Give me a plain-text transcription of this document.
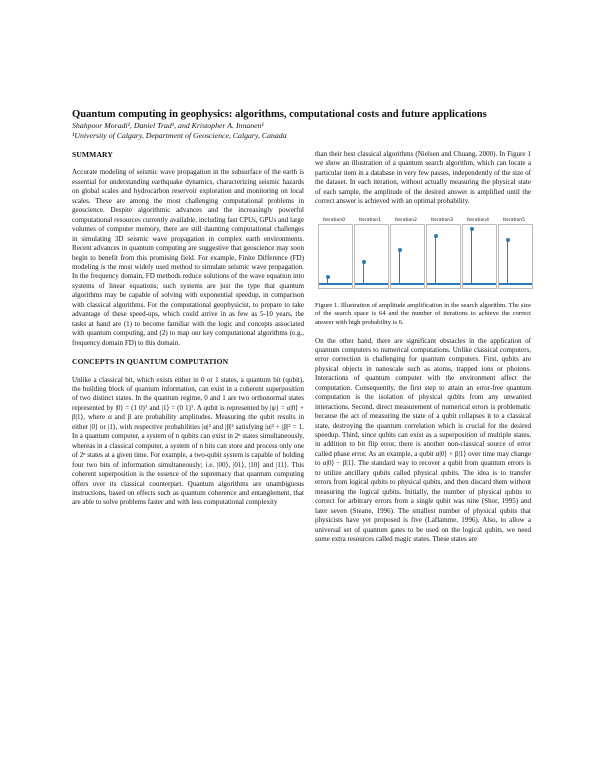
Quantum computing in geophysics: algorithms, computational costs and future applications
Shahpoor Moradi¹, Daniel Trad¹, and Kristopher A. Innanen¹
¹University of Calgary, Department of Geoscience, Calgary, Canada
SUMMARY

Accurate modeling of seismic wave propagation in the subsurface of the earth is essential for understanding earthquake dynamics, characterizing seismic hazards on global scales and hydrocarbon reservoir exploration and monitoring on local scales. These are among the most challenging computational problems in geoscience. Despite algorithmic advances and the increasingly powerful computational resources currently available, including fast CPUs, GPUs and large volumes of computer memory, there are still daunting computational challenges in simulating 3D seismic wave propagation in complex earth environments. Recent advances in quantum computing are suggestive that geoscience may soon begin to benefit from this promising field. For example, Finite Difference (FD) modeling is the most widely used method to simulate seismic wave propagation. In the frequency domain, FD methods reduce solutions of the wave equation into systems of linear equations; such systems are just the type that quantum algorithms may be capable of solving with exponential speedup, in comparison with classical algorithms. For the computational geophysicist, to prepare to take advantage of these speed-ups, which could arrive in as few as 5-10 years, the tasks at hand are (1) to become familiar with the logic and concepts associated with quantum computing, and (2) to map our key computational algorithms (e.g., frequency domain FD) to this domain.

CONCEPTS IN QUANTUM COMPUTATION

Unlike a classical bit, which exists either in 0 or 1 states, a quantum bit (qubit), the building block of quantum information, can exist in a coherent superposition of two distinct states. In the quantum regime, 0 and 1 are two orthonormal states represented by |0⟩ = (1 0)ᵀ and |1⟩ = (0 1)ᵀ. A qubit is represented by |ψ⟩ = α|0⟩ + β|1⟩, where α and β are probability amplitudes. Measuring the qubit results in either |0⟩ or |1⟩, with respective probabilities |α|² and |β|² satisfying |α|² + |β|² = 1. In a quantum computer, a system of n qubits can exist in 2ⁿ states simultaneously, whereas in a classical computer, a system of n bits can store and process only one of 2ⁿ states at a given time. For example, a two-qubit system is capable of holding four two bits of information simultaneously; i.e. |00⟩, |01⟩, |10⟩ and |11⟩. This coherent superposition is the essence of the supremacy that quantum computing offers over its classical counterpart. Quantum algorithms are unambiguous instructions, based on effects such as quantum coherence and entanglement, that are able to solve problems faster and with less computational complexity

than their best classical algorithms (Nielsen and Chuang, 2000). In Figure 1 we show an illustration of a quantum search algorithm, which can locate a particular item in a database in very few passes, independently of the size of the dataset. In each iteration, without actually measuring the physical state of each sample, the amplitude of the desired answer is amplified until the correct answer is achieved with an optimal probability.

Iteration0	Iteration1	Iteration2	Iteration3	Iteration4	Iteration5
Figure 1. Illustration of amplitude amplification in the search algorithm. The size of the search space is 64 and the number of iterations to achieve the correct answer with high probability is 6.

On the other hand, there are significant obstacles in the application of quantum computers to numerical computations. Unlike classical computers, error correction is challenging for quantum computers. First, qubits are physical objects in nanoscale such as atoms, trapped ions or photons. Interactions of quantum computer with the environment affect the computation. Consequently, the first step to attain an error-free quantum computation is the isolation of physical qubits from any unwanted interactions. Second, direct measurement of numerical errors is problematic because the act of measuring the state of a qubit collapses it to a classical state, destroying the quantum correlation which is crucial for the desired speedup. Third, since qubits can exist as a superposition of multiple states, in addition to bit flip error, there is another non-classical source of error called phase error. As an example, a qubit α|0⟩ + β|1⟩ over time may change to α|0⟩ − β|1⟩. The standard way to recover a qubit from quantum errors is to utilize ancillary qubits called physical qubits. The idea is to transfer errors from logical qubits to physical qubits, and then discard them without measuring the logical qubits. Initially, the number of physical qubits to correct for arbitrary errors from a single qubit was nine (Shor, 1995) and later seven (Steane, 1996). The smallest number of physical qubits that physicists have yet proposed is five (Laflamme, 1996). Also, to allow a universal set of quantum gates to be used on the logical qubits, we need some extra resources called magic states. These states are
